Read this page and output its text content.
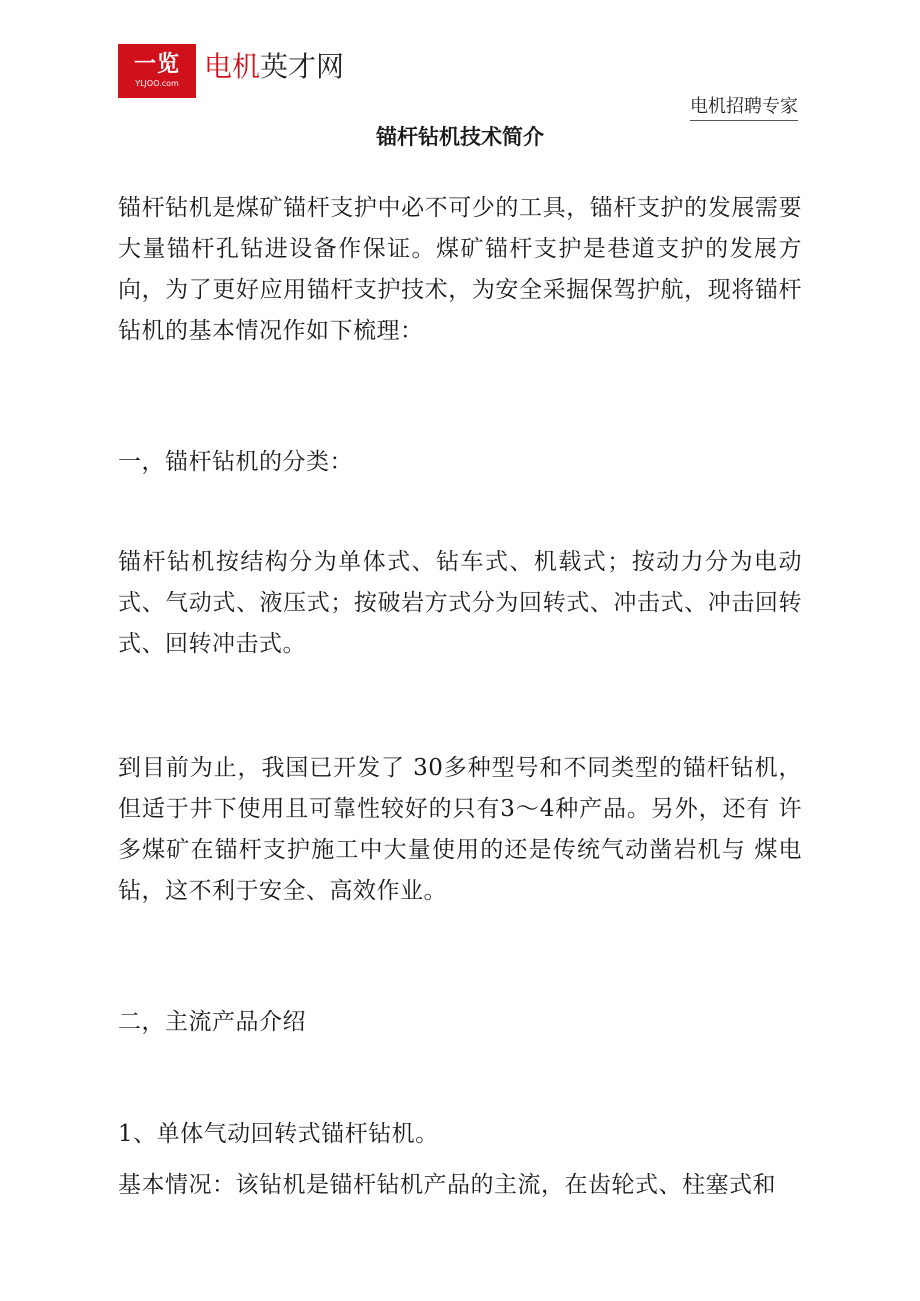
一览
YLJOO.com
电机英才网
电机招聘专家
锚杆钻机技术简介
锚杆钻机是煤矿锚杆支护中必不可少的工具，锚杆支护的发展需要大量锚杆孔钻进设备作保证。煤矿锚杆支护是巷道支护的发展方向，为了更好应用锚杆支护技术，为安全采掘保驾护航，现将锚杆钻机的基本情况作如下梳理：
一，锚杆钻机的分类：
锚杆钻机按结构分为单体式、钻车式、机载式；按动力分为电动式、气动式、液压式；按破岩方式分为回转式、冲击式、冲击回转式、回转冲击式。
到目前为止，我国已开发了 30多种型号和不同类型的锚杆钻机，但适于井下使用且可靠性较好的只有3〜4种产品。另外，还有 许多煤矿在锚杆支护施工中大量使用的还是传统气动凿岩机与 煤电钻，这不利于安全、高效作业。
二，主流产品介绍
1、单体气动回转式锚杆钻机。
基本情况：该钻机是锚杆钻机产品的主流，在齿轮式、柱塞式和
